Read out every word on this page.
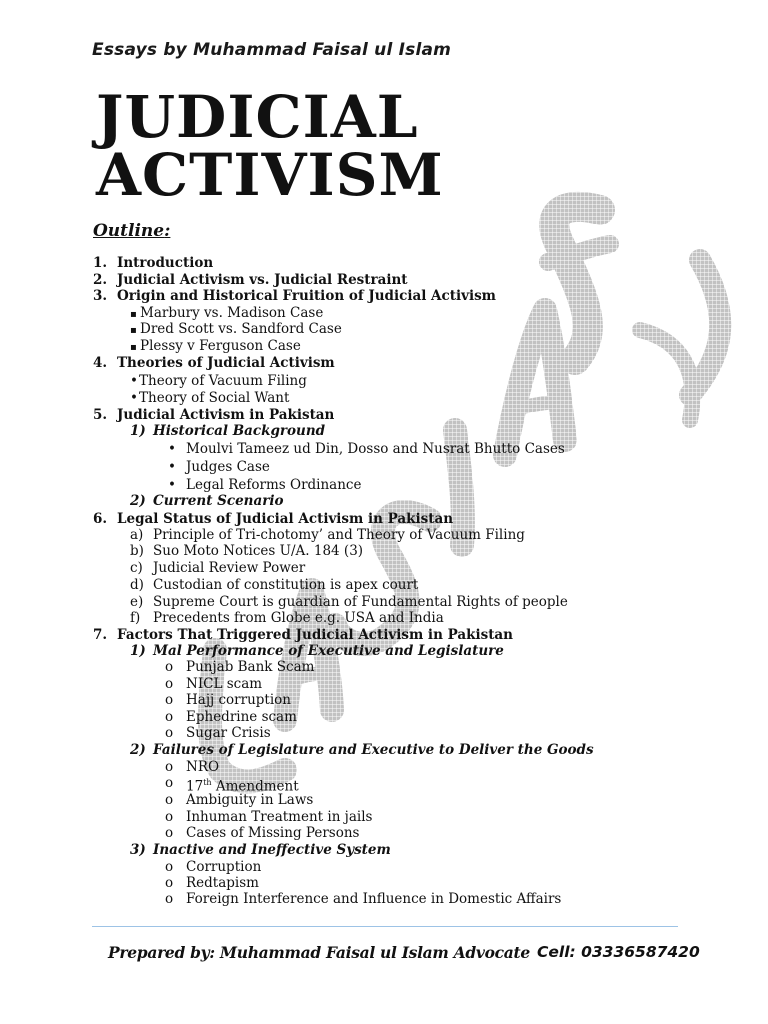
Essays by Muhammad Faisal ul Islam
JUDICIAL ACTIVISM
Outline:
1. Introduction
2. Judicial Activism vs. Judicial Restraint
3. Origin and Historical Fruition of Judicial Activism
▪ Marbury vs. Madison Case
▪ Dred Scott vs. Sandford Case
▪ Plessy v Ferguson Case
4. Theories of Judicial Activism
• Theory of Vacuum Filing
• Theory of Social Want
5. Judicial Activism in Pakistan
1) Historical Background
• Moulvi Tameez ud Din, Dosso and Nusrat Bhutto Cases
• Judges Case
• Legal Reforms Ordinance
2) Current Scenario
6. Legal Status of Judicial Activism in Pakistan
a) Principle of Tri-chotomy’ and Theory of Vacuum Filing
b) Suo Moto Notices U/A. 184 (3)
c) Judicial Review Power
d) Custodian of constitution is apex court
e) Supreme Court is guardian of Fundamental Rights of people
f) Precedents from Globe e.g. USA and India
7. Factors That Triggered Judicial Activism in Pakistan
1) Mal Performance of Executive and Legislature
o Punjab Bank Scam
o NICL scam
o Hajj corruption
o Ephedrine scam
o Sugar Crisis
2) Failures of Legislature and Executive to Deliver the Goods
o NRO
o 17th Amendment
o Ambiguity in Laws
o Inhuman Treatment in jails
o Cases of Missing Persons
3) Inactive and Ineffective System
o Corruption
o Redtapism
o Foreign Interference and Influence in Domestic Affairs
Prepared by: Muhammad Faisal ul Islam Advocate Cell: 03336587420
